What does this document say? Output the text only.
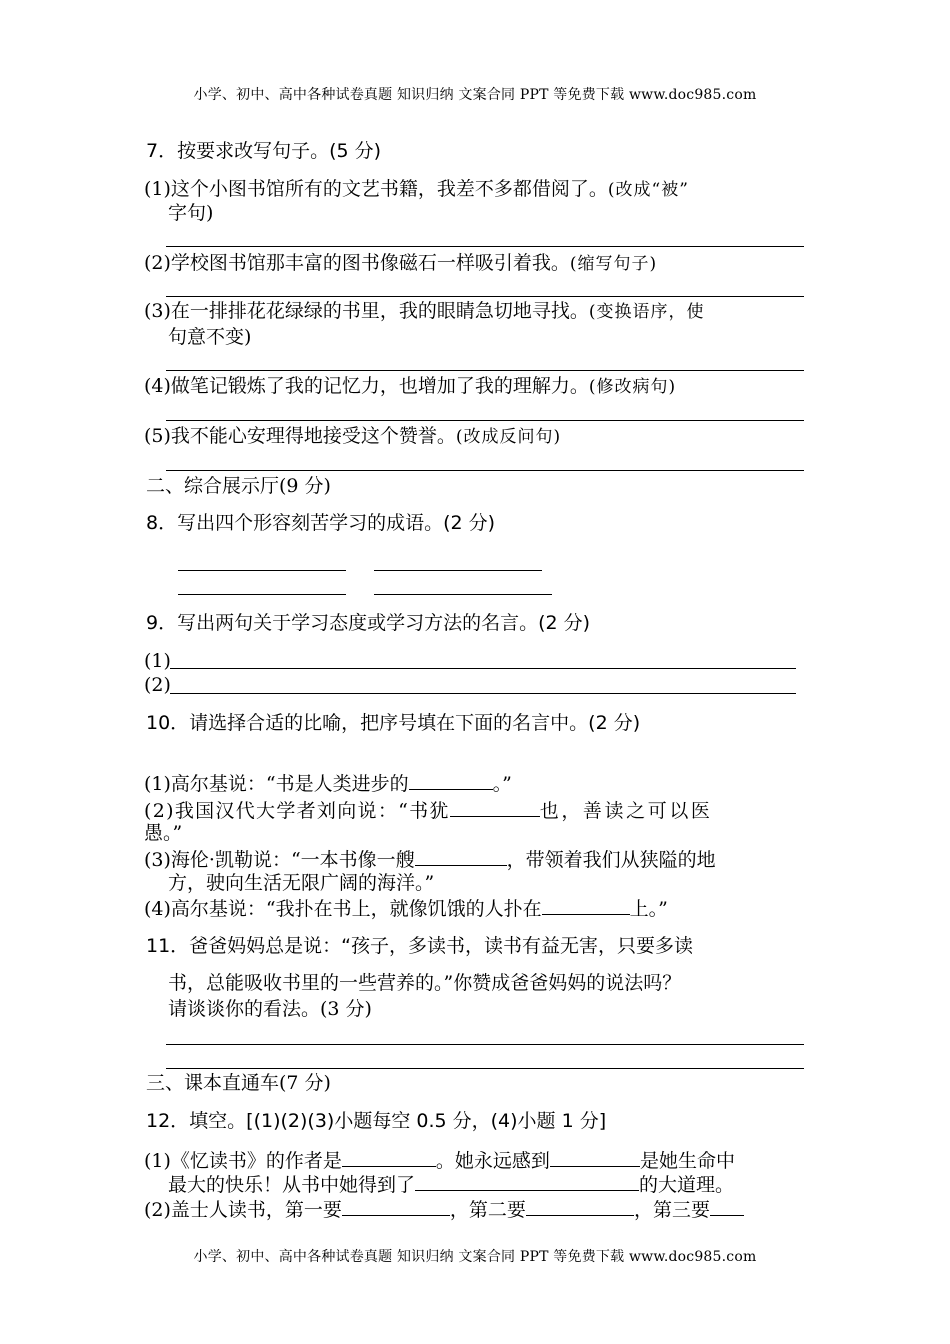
小学、初中、高中各种试卷真题 知识归纳 文案合同 PPT 等免费下载 www.doc985.com
7．按要求改写句子。(5 分)
(1)这个小图书馆所有的文艺书籍，我差不多都借阅了。(改成“被”
字句)
(2)学校图书馆那丰富的图书像磁石一样吸引着我。(缩写句子)
(3)在一排排花花绿绿的书里，我的眼睛急切地寻找。(变换语序，使
句意不变)
(4)做笔记锻炼了我的记忆力，也增加了我的理解力。(修改病句)
(5)我不能心安理得地接受这个赞誉。(改成反问句)
二、综合展示厅(9 分)
8．写出四个形容刻苦学习的成语。(2 分)
9．写出两句关于学习态度或学习方法的名言。(2 分)
(1)
(2)
10．请选择合适的比喻，把序号填在下面的名言中。(2 分)
(1)高尔基说：“书是人类进步的	。”
(2)我国汉代大学者刘向说：“书犹	也，善读之可以医
愚。”
(3)海伦·凯勒说：“一本书像一艘	，带领着我们从狭隘的地
方，驶向生活无限广阔的海洋。”
(4)高尔基说：“我扑在书上，就像饥饿的人扑在	上。”
11．爸爸妈妈总是说：“孩子，多读书，读书有益无害，只要多读
书，总能吸收书里的一些营养的。”你赞成爸爸妈妈的说法吗？
请谈谈你的看法。(3 分)
三、课本直通车(7 分)
12．填空。[(1)(2)(3)小题每空 0.5 分，(4)小题 1 分]
(1)《忆读书》的作者是	。她永远感到	是她生命中
最大的快乐！从书中她得到了	的大道理。
(2)盖士人读书，第一要	，第二要	，第三要
小学、初中、高中各种试卷真题 知识归纳 文案合同 PPT 等免费下载 www.doc985.com
